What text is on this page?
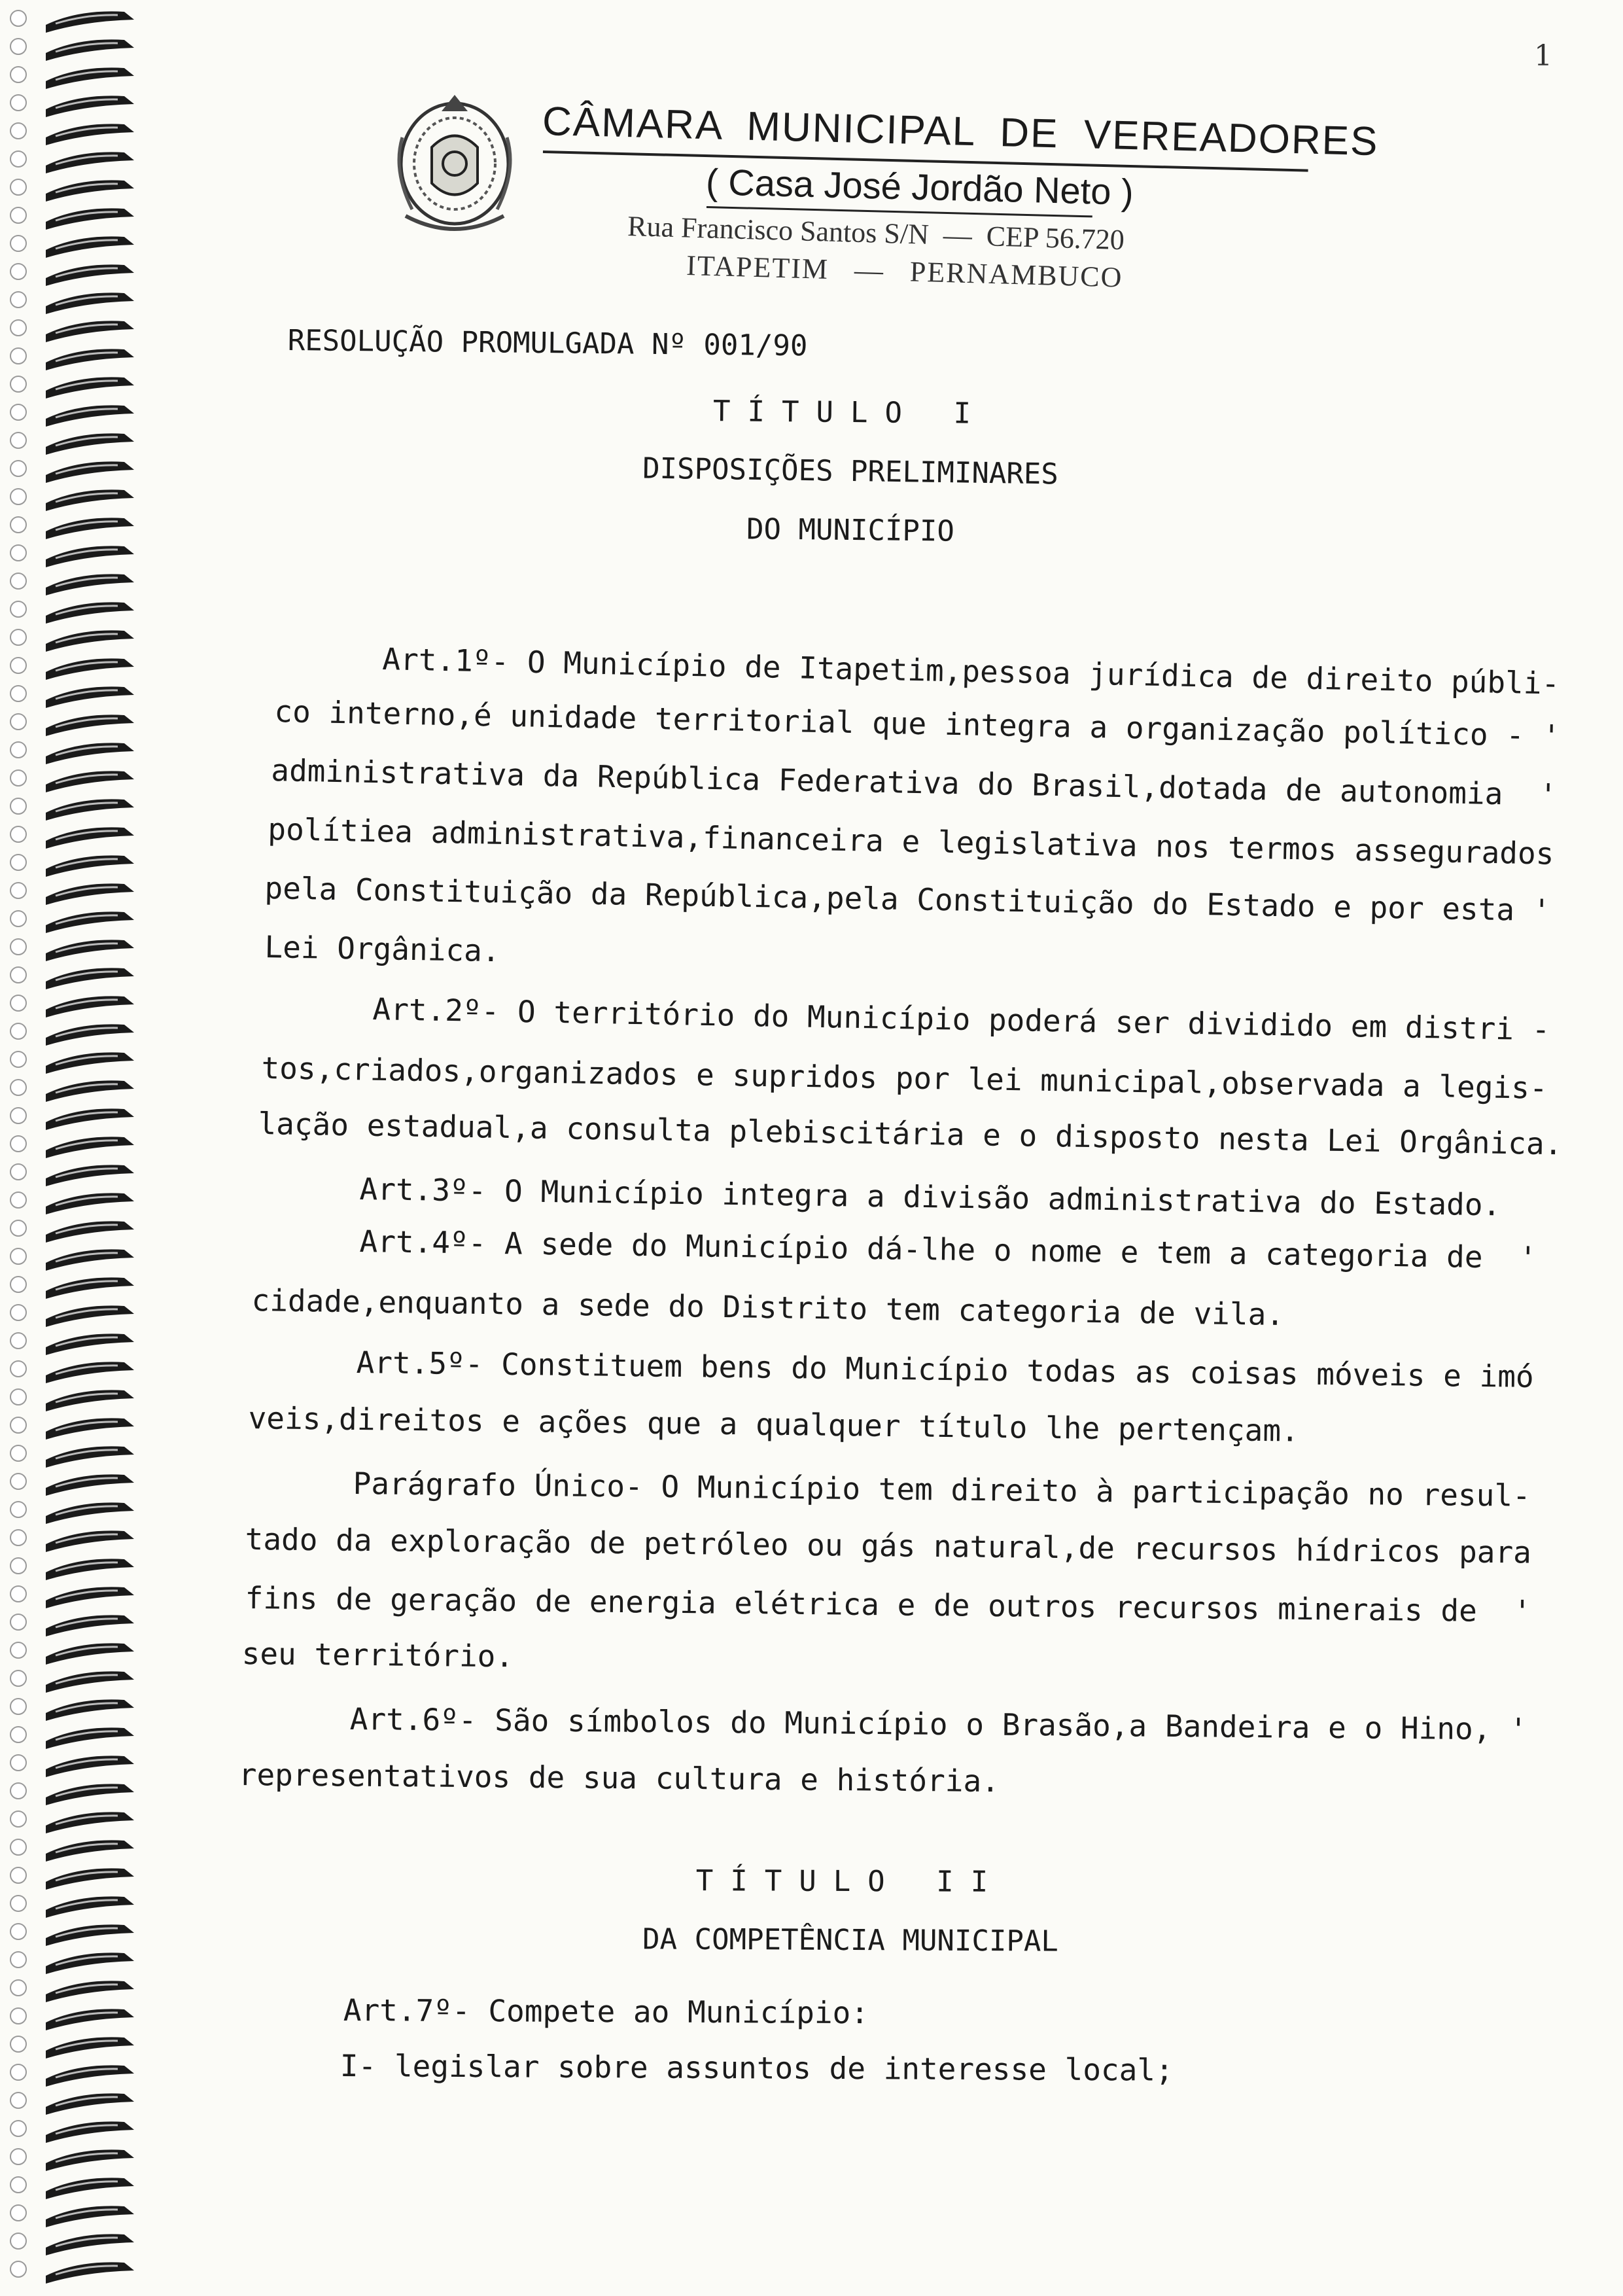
1
CÂMARA  MUNICIPAL  DE  VEREADORES
( Casa José Jordão Neto )
Rua Francisco Santos S/N  —  CEP 56.720
ITAPETIM   —   PERNAMBUCO
RESOLUÇÃO PROMULGADA Nº 001/90
TÍTULO I
DISPOSIÇÕES PRELIMINARES
DO MUNICÍPIO
Art.1º- O Município de Itapetim,pessoa jurídica de direito públi-
co interno,é unidade territorial que integra a organização político - '
administrativa da República Federativa do Brasil,dotada de autonomia  '
polítiea administrativa,financeira e legislativa nos termos assegurados
pela Constituição da República,pela Constituição do Estado e por esta '
Lei Orgânica.
Art.2º- O território do Município poderá ser dividido em distri -
tos,criados,organizados e supridos por lei municipal,observada a legis-
lação estadual,a consulta plebiscitária e o disposto nesta Lei Orgânica.
Art.3º- O Município integra a divisão administrativa do Estado.
Art.4º- A sede do Município dá-lhe o nome e tem a categoria de  '
cidade,enquanto a sede do Distrito tem categoria de vila.
Art.5º- Constituem bens do Município todas as coisas móveis e imó
veis,direitos e ações que a qualquer título lhe pertençam.
Parágrafo Único- O Município tem direito à participação no resul-
tado da exploração de petróleo ou gás natural,de recursos hídricos para
fins de geração de energia elétrica e de outros recursos minerais de  '
seu território.
Art.6º- São símbolos do Município o Brasão,a Bandeira e o Hino, '
representativos de sua cultura e história.
TÍTULO II
DA COMPETÊNCIA MUNICIPAL
Art.7º- Compete ao Município:
I- legislar sobre assuntos de interesse local;
